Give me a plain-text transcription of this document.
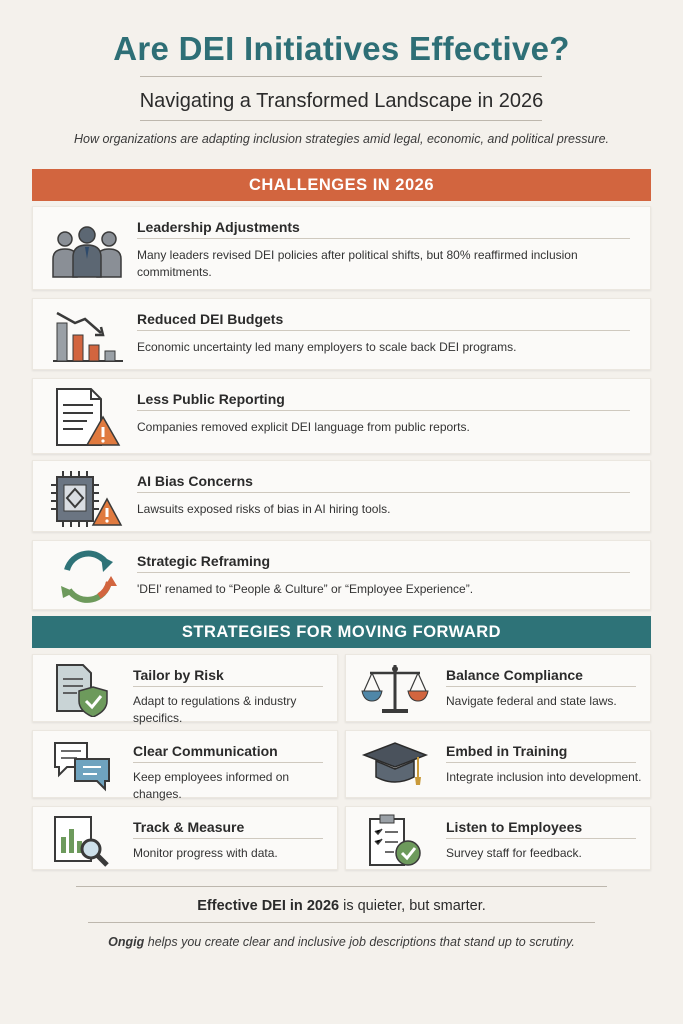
Are DEI Initiatives Effective?
Navigating a Transformed Landscape in 2026
How organizations are adapting inclusion strategies amid legal, economic, and political pressure.
CHALLENGES IN 2026
Leadership Adjustments
Many leaders revised DEI policies after political shifts, but 80% reaffirmed inclusion commitments.
Reduced DEI Budgets
Economic uncertainty led many employers to scale back DEI programs.
Less Public Reporting
Companies removed explicit DEI language from public reports.
AI Bias Concerns
Lawsuits exposed risks of bias in AI hiring tools.
Strategic Reframing
'DEI' renamed to “People & Culture” or “Employee Experience”.
STRATEGIES FOR MOVING FORWARD
Tailor by Risk
Adapt to regulations & industry specifics.
Balance Compliance
Navigate federal and state laws.
Clear Communication
Keep employees informed on changes.
Embed in Training
Integrate inclusion into development.
Track & Measure
Monitor progress with data.
Listen to Employees
Survey staff for feedback.
Effective DEI in 2026 is quieter, but smarter.
Ongig helps you create clear and inclusive job descriptions that stand up to scrutiny.
